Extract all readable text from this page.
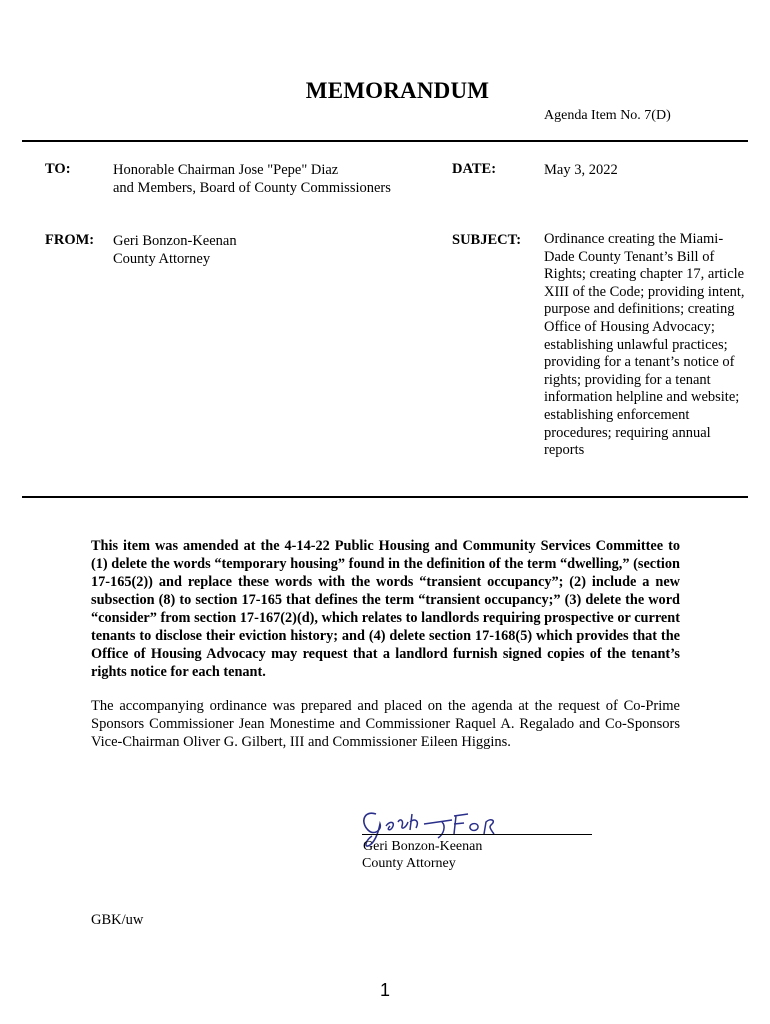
MEMORANDUM
Agenda Item No. 7(D)
TO:	Honorable Chairman Jose "Pepe" Diaz
and Members, Board of County Commissioners
DATE:	May 3, 2022
FROM: Geri Bonzon-Keenan
County Attorney
SUBJECT: Ordinance creating the Miami-Dade County Tenant’s Bill of Rights; creating chapter 17, article XIII of the Code; providing intent, purpose and definitions; creating Office of Housing Advocacy; establishing unlawful practices; providing for a tenant’s notice of rights; providing for a tenant information helpline and website; establishing enforcement procedures; requiring annual reports
This item was amended at the 4-14-22 Public Housing and Community Services Committee to (1) delete the words “temporary housing” found in the definition of the term “dwelling,” (section 17-165(2)) and replace these words with the words “transient occupancy”; (2) include a new subsection (8) to section 17-165 that defines the term “transient occupancy;” (3) delete the word “consider” from section 17-167(2)(d), which relates to landlords requiring prospective or current tenants to disclose their eviction history; and (4) delete section 17-168(5) which provides that the Office of Housing Advocacy may request that a landlord furnish signed copies of the tenant’s rights notice for each tenant.
The accompanying ordinance was prepared and placed on the agenda at the request of Co-Prime Sponsors Commissioner Jean Monestime and Commissioner Raquel A. Regalado and Co-Sponsors Vice-Chairman Oliver G. Gilbert, III and Commissioner Eileen Higgins.
Geri Bonzon-Keenan
County Attorney
GBK/uw
1
